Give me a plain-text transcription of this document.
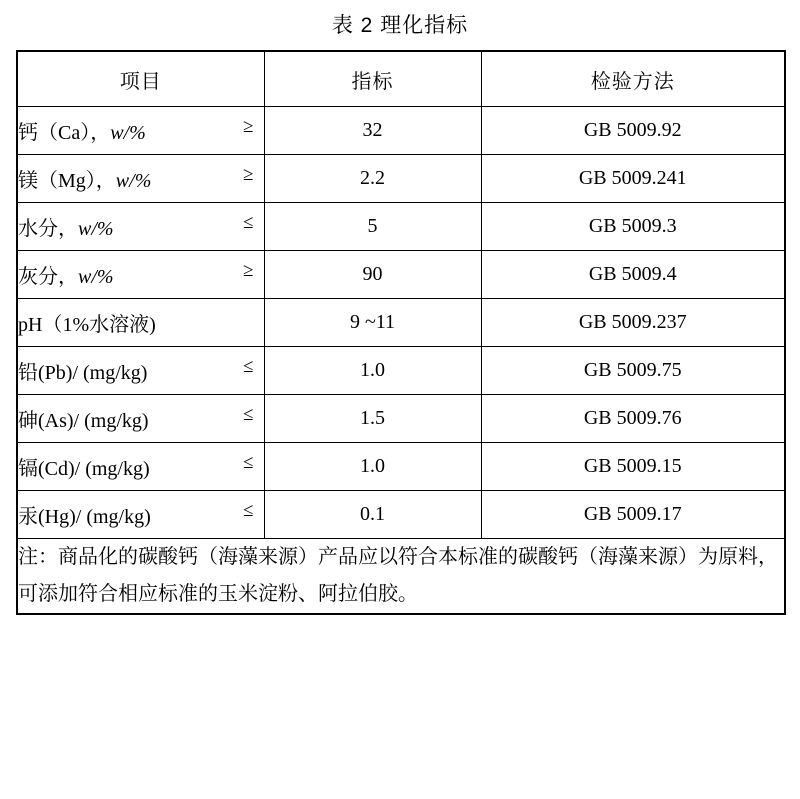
表 2 理化指标
项目	指标	检验方法
钙（Ca），w/% ≥	32	GB 5009.92
镁（Mg），w/% ≥	2.2	GB 5009.241
水分，w/% ≤	5	GB 5009.3
灰分，w/% ≥	90	GB 5009.4
pH（1%水溶液)	9 ~11	GB 5009.237
铅(Pb)/ (mg/kg) ≤	1.0	GB 5009.75
砷(As)/ (mg/kg) ≤	1.5	GB 5009.76
镉(Cd)/ (mg/kg) ≤	1.0	GB 5009.15
汞(Hg)/ (mg/kg) ≤	0.1	GB 5009.17

注：商品化的碳酸钙（海藻来源）产品应以符合本标准的碳酸钙（海藻来源）为原料，可添加符合相应标准的玉米淀粉、阿拉伯胶。		
